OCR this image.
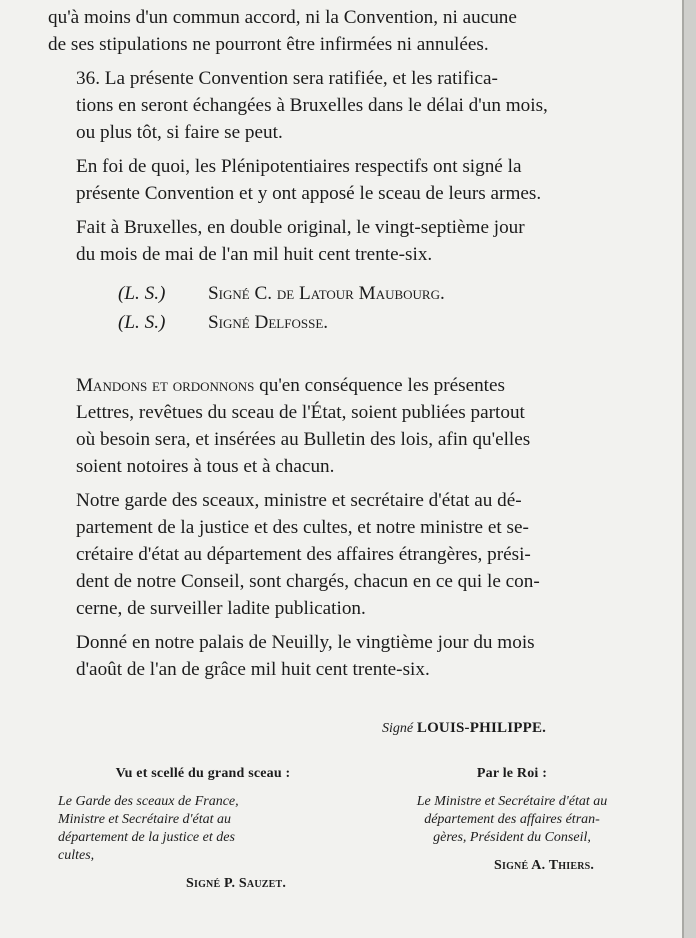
qu'à moins d'un commun accord, ni la Convention, ni aucune
de ses stipulations ne pourront être infirmées ni annulées.

36. La présente Convention sera ratifiée, et les ratifica-
tions en seront échangées à Bruxelles dans le délai d'un mois,
ou plus tôt, si faire se peut.

En foi de quoi, les Plénipotentiaires respectifs ont signé la
présente Convention et y ont apposé le sceau de leurs armes.

Fait à Bruxelles, en double original, le vingt-septième jour
du mois de mai de l'an mil huit cent trente-six.

(L. S.) Signé C. de Latour Maubourg.
(L. S.) Signé Delfosse.

Mandons et ordonnons qu'en conséquence les présentes
Lettres, revêtues du sceau de l'État, soient publiées partout
où besoin sera, et insérées au Bulletin des lois, afin qu'elles
soient notoires à tous et à chacun.

Notre garde des sceaux, ministre et secrétaire d'état au dé-
partement de la justice et des cultes, et notre ministre et se-
crétaire d'état au département des affaires étrangères, prési-
dent de notre Conseil, sont chargés, chacun en ce qui le con-
cerne, de surveiller ladite publication.

Donné en notre palais de Neuilly, le vingtième jour du mois
d'août de l'an de grâce mil huit cent trente-six.

Signé LOUIS-PHILIPPE.
Vu et scellé du grand sceau :
Le Garde des sceaux de France,
Ministre et Secrétaire d'état au
département de la justice et des
cultes,
Signé P. Sauzet.
Par le Roi :
Le Ministre et Secrétaire d'état au
département des affaires étran-
gères, Président du Conseil,
Signé A. Thiers.
